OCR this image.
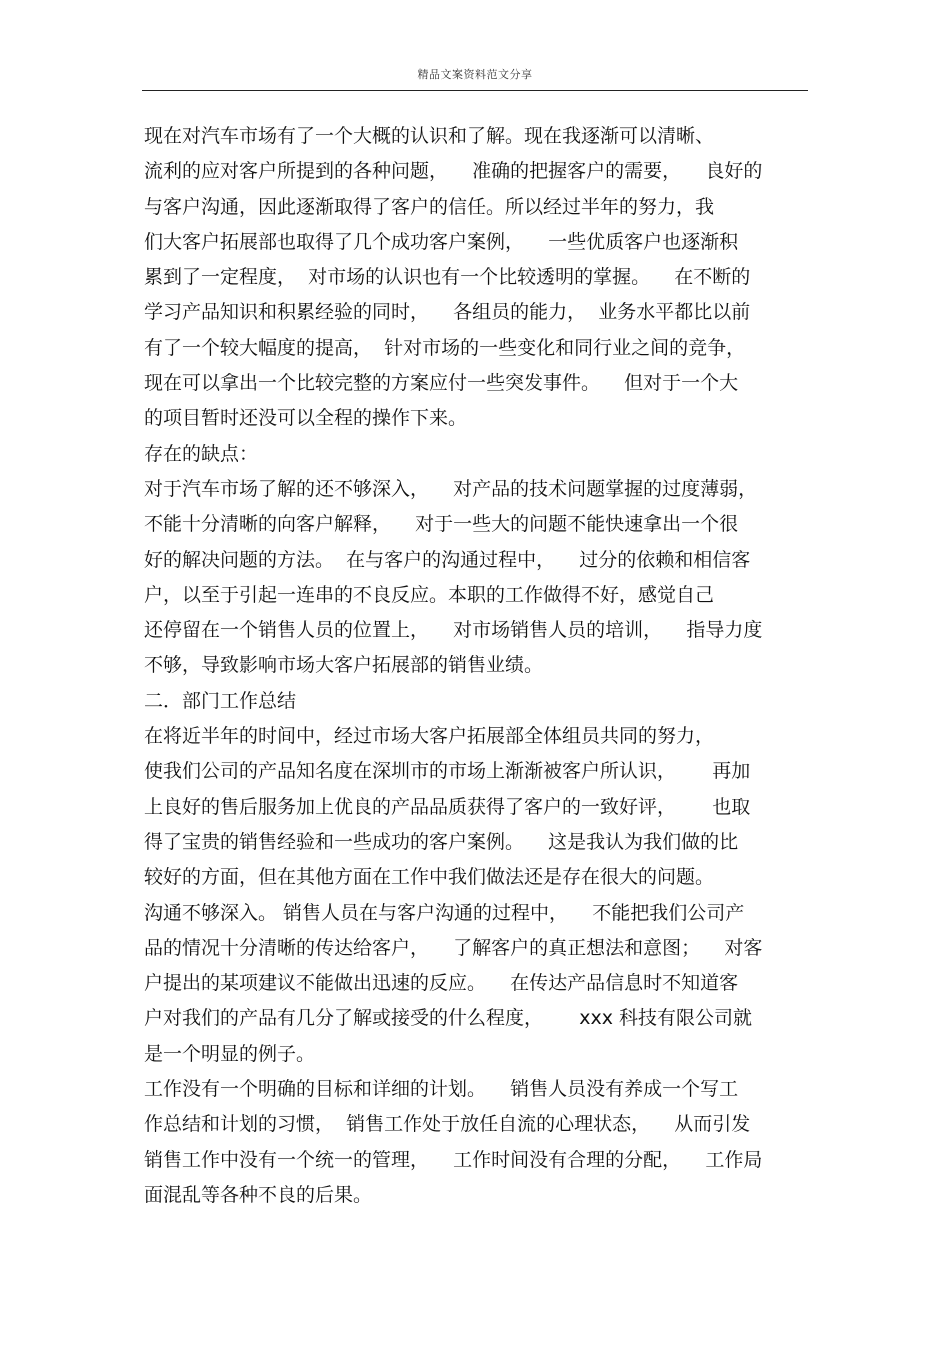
精品文案资料范文分享
现在对汽车市场有了一个大概的认识和了解。现在我逐渐可以清晰、
流利的应对客户所提到的各种问题，    准确的把握客户的需要，    良好的
与客户沟通，因此逐渐取得了客户的信任。所以经过半年的努力，我
们大客户拓展部也取得了几个成功客户案例，    一些优质客户也逐渐积
累到了一定程度，  对市场的认识也有一个比较透明的掌握。    在不断的
学习产品知识和积累经验的同时，    各组员的能力，  业务水平都比以前
有了一个较大幅度的提高，  针对市场的一些变化和同行业之间的竞争，
现在可以拿出一个比较完整的方案应付一些突发事件。    但对于一个大
的项目暂时还没可以全程的操作下来。
存在的缺点：
对于汽车市场了解的还不够深入，    对产品的技术问题掌握的过度薄弱，
不能十分清晰的向客户解释，    对于一些大的问题不能快速拿出一个很
好的解决问题的方法。  在与客户的沟通过程中，    过分的依赖和相信客
户，以至于引起一连串的不良反应。本职的工作做得不好，感觉自己
还停留在一个销售人员的位置上，    对市场销售人员的培训，    指导力度
不够，导致影响市场大客户拓展部的销售业绩。
二．部门工作总结
在将近半年的时间中，经过市场大客户拓展部全体组员共同的努力，
使我们公司的产品知名度在深圳市的市场上渐渐被客户所认识，      再加
上良好的售后服务加上优良的产品品质获得了客户的一致好评，      也取
得了宝贵的销售经验和一些成功的客户案例。    这是我认为我们做的比
较好的方面，但在其他方面在工作中我们做法还是存在很大的问题。
沟通不够深入。 销售人员在与客户沟通的过程中，    不能把我们公司产
品的情况十分清晰的传达给客户，    了解客户的真正想法和意图；    对客
户提出的某项建议不能做出迅速的反应。    在传达产品信息时不知道客
户对我们的产品有几分了解或接受的什么程度，      xxx 科技有限公司就
是一个明显的例子。
工作没有一个明确的目标和详细的计划。    销售人员没有养成一个写工
作总结和计划的习惯，  销售工作处于放任自流的心理状态，    从而引发
销售工作中没有一个统一的管理，    工作时间没有合理的分配，    工作局
面混乱等各种不良的后果。
